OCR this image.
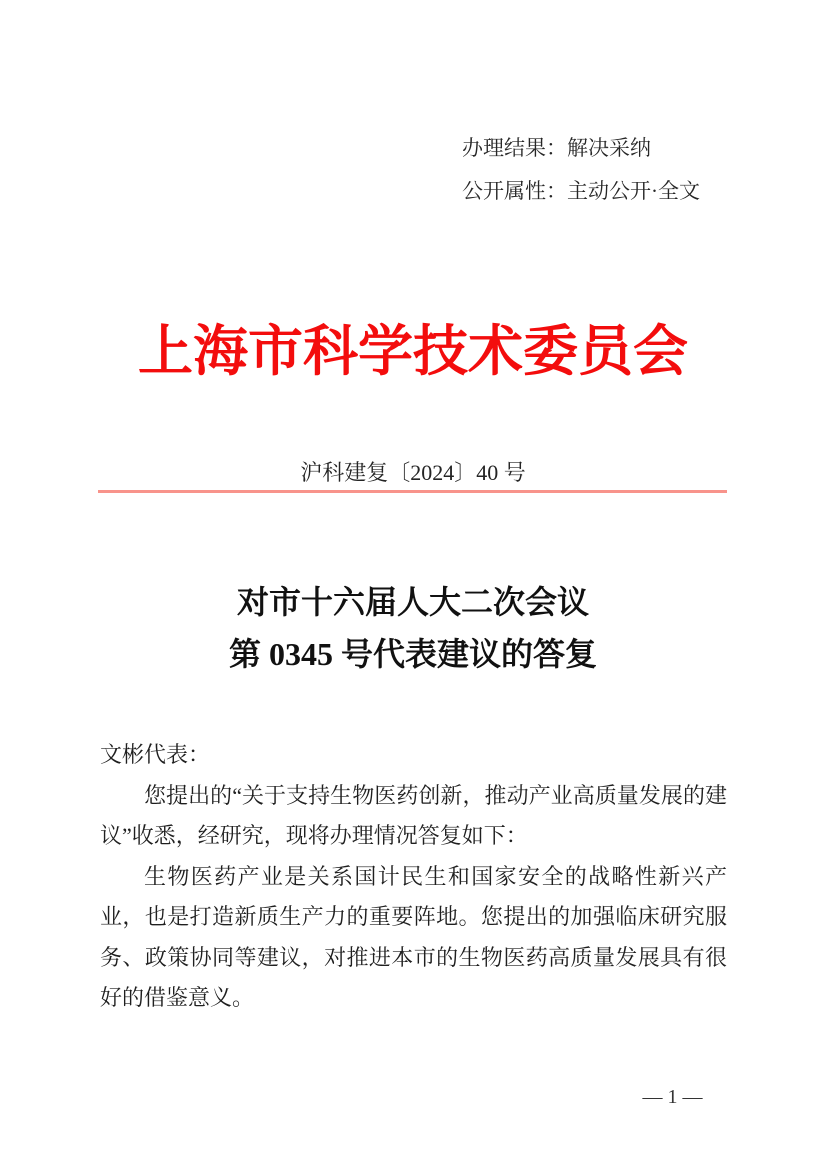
办理结果：解决采纳
公开属性：主动公开·全文
上海市科学技术委员会
沪科建复〔2024〕40 号
对市十六届人大二次会议
第 0345 号代表建议的答复
文彬代表：
您提出的“关于支持生物医药创新，推动产业高质量发展的建议”收悉，经研究，现将办理情况答复如下：
生物医药产业是关系国计民生和国家安全的战略性新兴产业，也是打造新质生产力的重要阵地。您提出的加强临床研究服务、政策协同等建议，对推进本市的生物医药高质量发展具有很好的借鉴意义。
— 1 —
